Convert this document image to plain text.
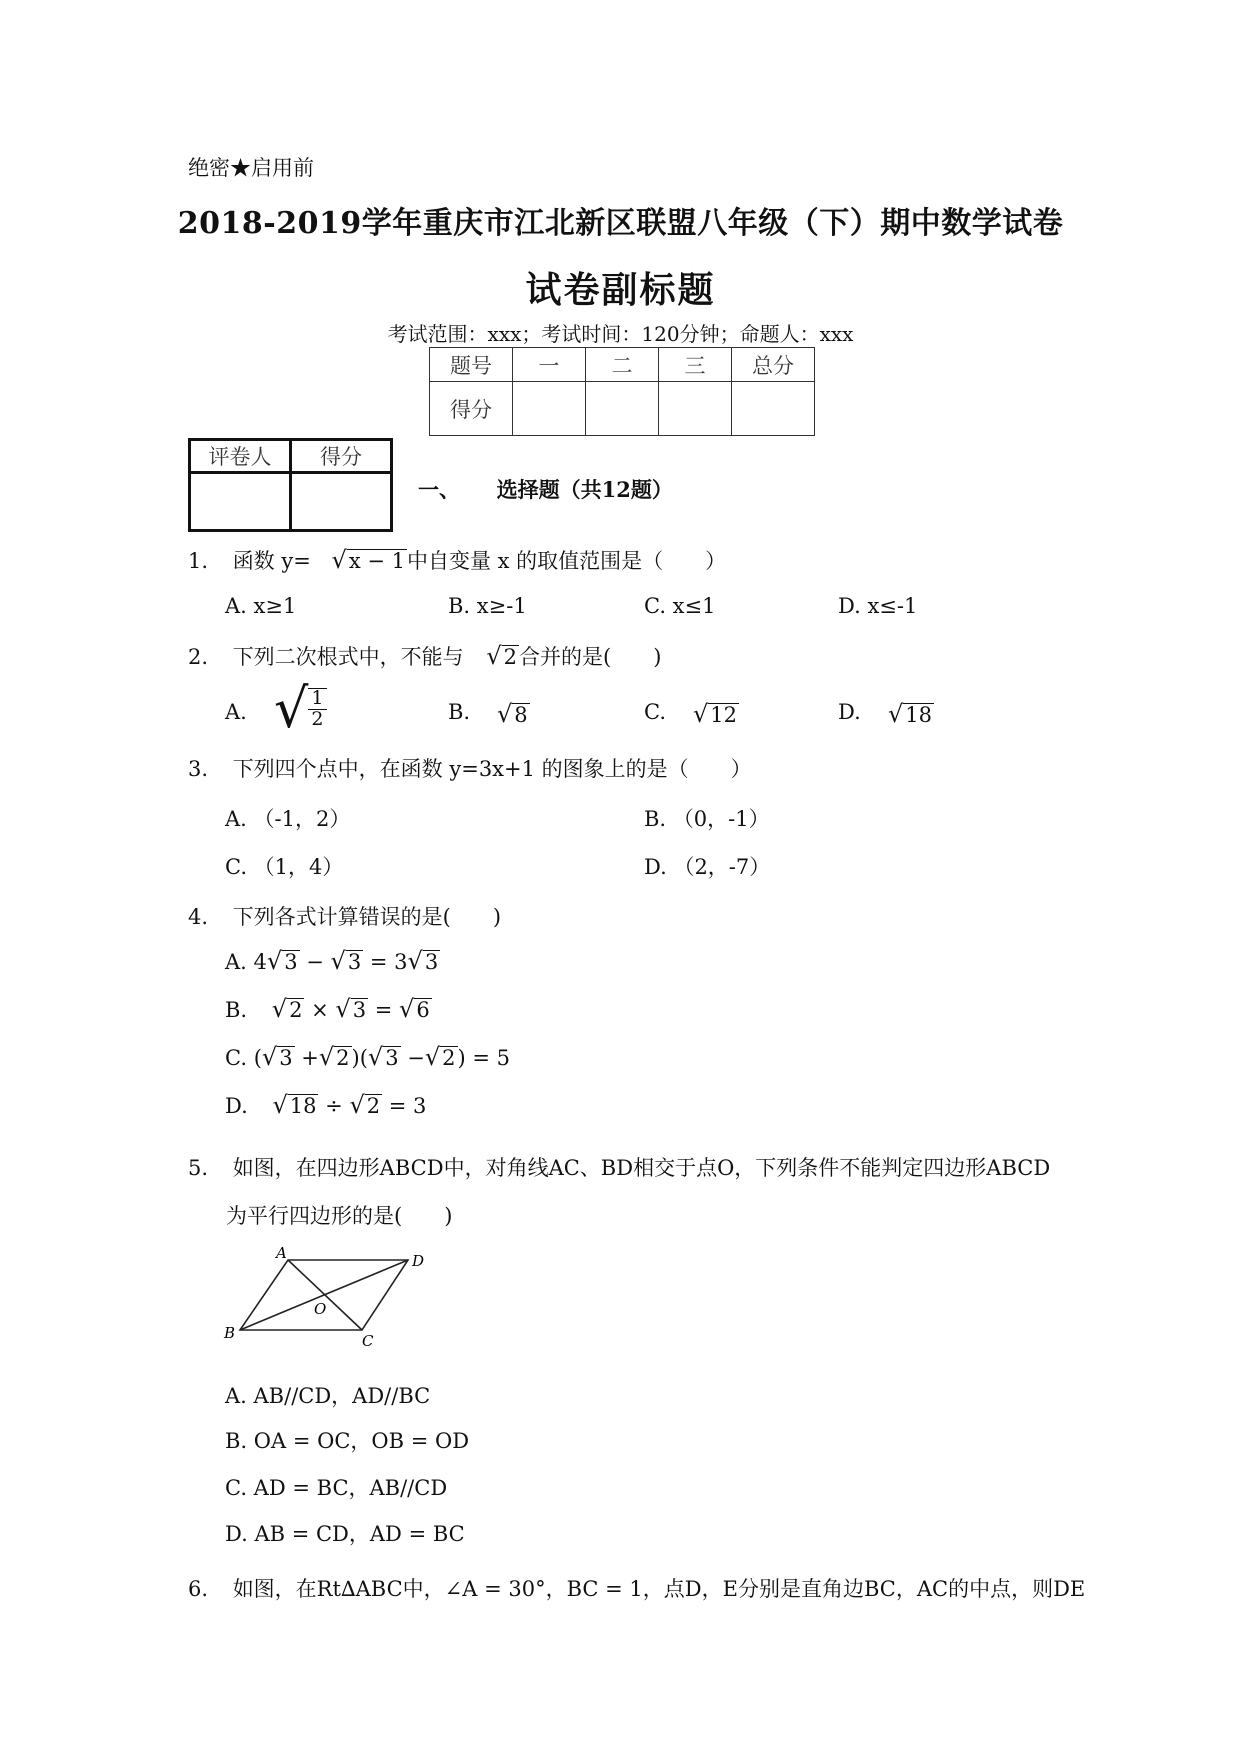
绝密★启用前
2018-2019学年重庆市江北新区联盟八年级（下）期中数学试卷
试卷副标题
考试范围：xxx；考试时间：120分钟；命题人：xxx
题号	一	二	三	总分
得分				
评卷人	得分

一、 选择题（共12题）
1. 函数 y= √x − 1中自变量 x 的取值范围是（　　）
A. x≥1	B. x≥-1	C. x≤1	D. x≤-1
2. 下列二次根式中，不能与 √2合并的是(　　)
A. √ $\frac{1}{2}$	B. √8	C. √12	D. √18
3. 下列四个点中，在函数 y=3x+1 的图象上的是（　　）
A. （-1，2）	B. （0，-1）
C. （1，4）	D. （2，-7）
4. 下列各式计算错误的是(　　)
A. 4√3 − √3 = 3√3
B. √2 × √3 = √6
C. (√3 +√2)(√3 −√2) = 5
D. √18 ÷ √2 = 3
5. 如图，在四边形ABCD中，对角线AC、BD相交于点O，下列条件不能判定四边形ABCD
为平行四边形的是(　　)
A	D
B	C
O
A. AB//CD，AD//BC
B. OA = OC，OB = OD
C. AD = BC，AB//CD
D. AB = CD，AD = BC
6. 如图，在Rt∆ABC中，∠A = 30°，BC = 1，点D，E分别是直角边BC，AC的中点，则DE
